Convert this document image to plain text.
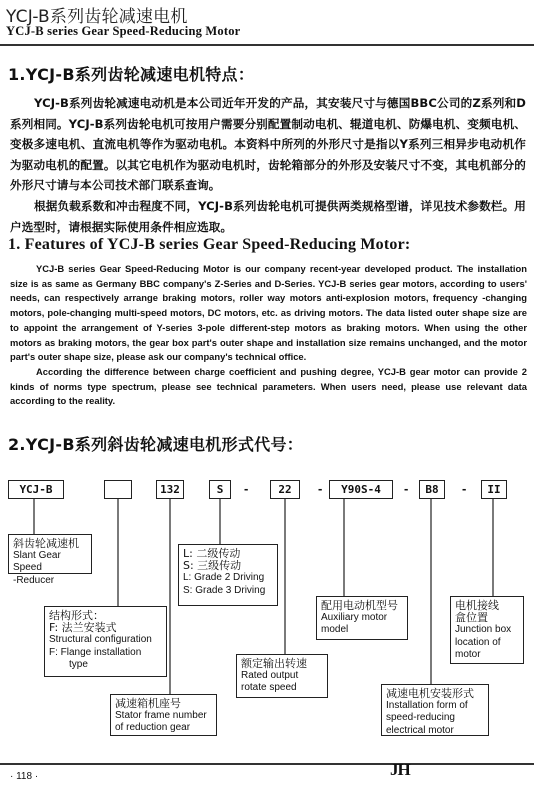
YCJ-B系列齿轮减速电机
YCJ-B series Gear Speed-Reducing Motor
1.YCJ-B系列齿轮减速电机特点：

YCJ-B系列齿轮减速电动机是本公司近年开发的产品，其安装尺寸与德国BBC公司的Z系列和D系列相同。YCJ-B系列齿轮电机可按用户需要分别配置制动电机、辊道电机、防爆电机、变频电机、变极多速电机、直流电机等作为驱动电机。本资料中所列的外形尺寸是指以Y系列三相异步电动机作为驱动电机的配置。以其它电机作为驱动电机时，齿轮箱部分的外形及安装尺寸不变，其电机部分的外形尺寸请与本公司技术部门联系查询。

根据负载系数和冲击程度不同，YCJ-B系列齿轮电机可提供两类规格型谱，详见技术参数栏。用户选型时，请根据实际使用条件相应选取。

1. Features of YCJ-B series Gear Speed-Reducing Motor:

YCJ-B series Gear Speed-Reducing Motor is our company recent-year developed product. The installation size is as same as Germany BBC company's Z-Series and D-Series. YCJ-B series gear motors, according to users' needs, can respectively arrange braking motors, roller way motors anti-explosion motors, frequency -changing motors, pole-changing multi-speed motors, DC motors, etc. as driving motors. The data listed outer shape size are to appoint the arrangement of Y-series 3-pole different-step motors as braking motors. When using the other motors as braking motors, the gear box part's outer shape and installation size remains unchanged, and the motor part's outer shape size, please ask our company's technical office.

According the difference between charge coefficient and pushing degree, YCJ-B gear motor can provide 2 kinds of norms type spectrum, please see technical parameters. When users need, please use relevant data according to the reality.

2.YCJ-B系列斜齿轮减速电机形式代号：
YCJ-B	132	S	-	22	-	Y90S-4	-	B8	-	II
斜齿轮减速机
Slant Gear Speed
-Reducer
结构形式：
F: 法兰安装式
Structural configuration
F: Flange installation
type
减速箱机座号
Stator frame number
of reduction gear
L: 二级传动
S: 三级传动
L: Grade 2 Driving
S: Grade 3 Driving
额定输出转速
Rated output
rotate speed
配用电动机型号
Auxiliary motor
model
减速电机安装形式
Installation form of
speed-reducing
electrical motor
电机接线
盒位置
Junction box
location of
motor
· 118 ·	JH
